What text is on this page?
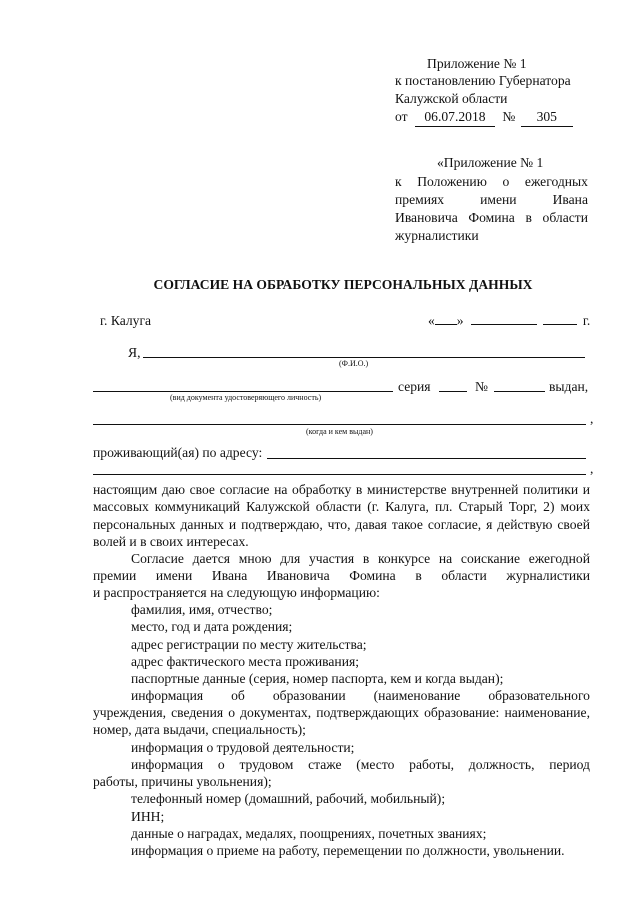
Приложение № 1
к постановлению Губернатора
Калужской области
от 06.07.2018 № 305
«Приложение № 1
к Положению о ежегодных
премиях	имени	Ивана
Ивановича Фомина в области
журналистики
СОГЛАСИЕ НА ОБРАБОТКУ ПЕРСОНАЛЬНЫХ ДАННЫХ
г. Калуга	« »	г.
Я,
(Ф.И.О.)
серия	№	выдан,
(вид документа удостоверяющего личность)
,
(когда и кем выдан)
проживающий(ая) по адресу:
,
настоящим даю свое согласие на обработку в министерстве внутренней политики и массовых коммуникаций Калужской области (г. Калуга, пл. Старый Торг, 2) моих персональных данных и подтверждаю, что, давая такое согласие, я действую своей волей и в своих интересах.
Согласие дается мною для участия в конкурсе на соискание ежегодной
премии имени Ивана Ивановича Фомина в области журналистики
и распространяется на следующую информацию:
фамилия, имя, отчество;
место, год и дата рождения;
адрес регистрации по месту жительства;
адрес фактического места проживания;
паспортные данные (серия, номер паспорта, кем и когда выдан);
информация об образовании (наименование образовательного
учреждения, сведения о документах, подтверждающих образование: наименование, номер, дата выдачи, специальность);
информация о трудовой деятельности;
информация о трудовом стаже (место работы, должность, период
работы, причины увольнения);
телефонный номер (домашний, рабочий, мобильный);
ИНН;
данные о наградах, медалях, поощрениях, почетных званиях;
информация о приеме на работу, перемещении по должности, увольнении.
